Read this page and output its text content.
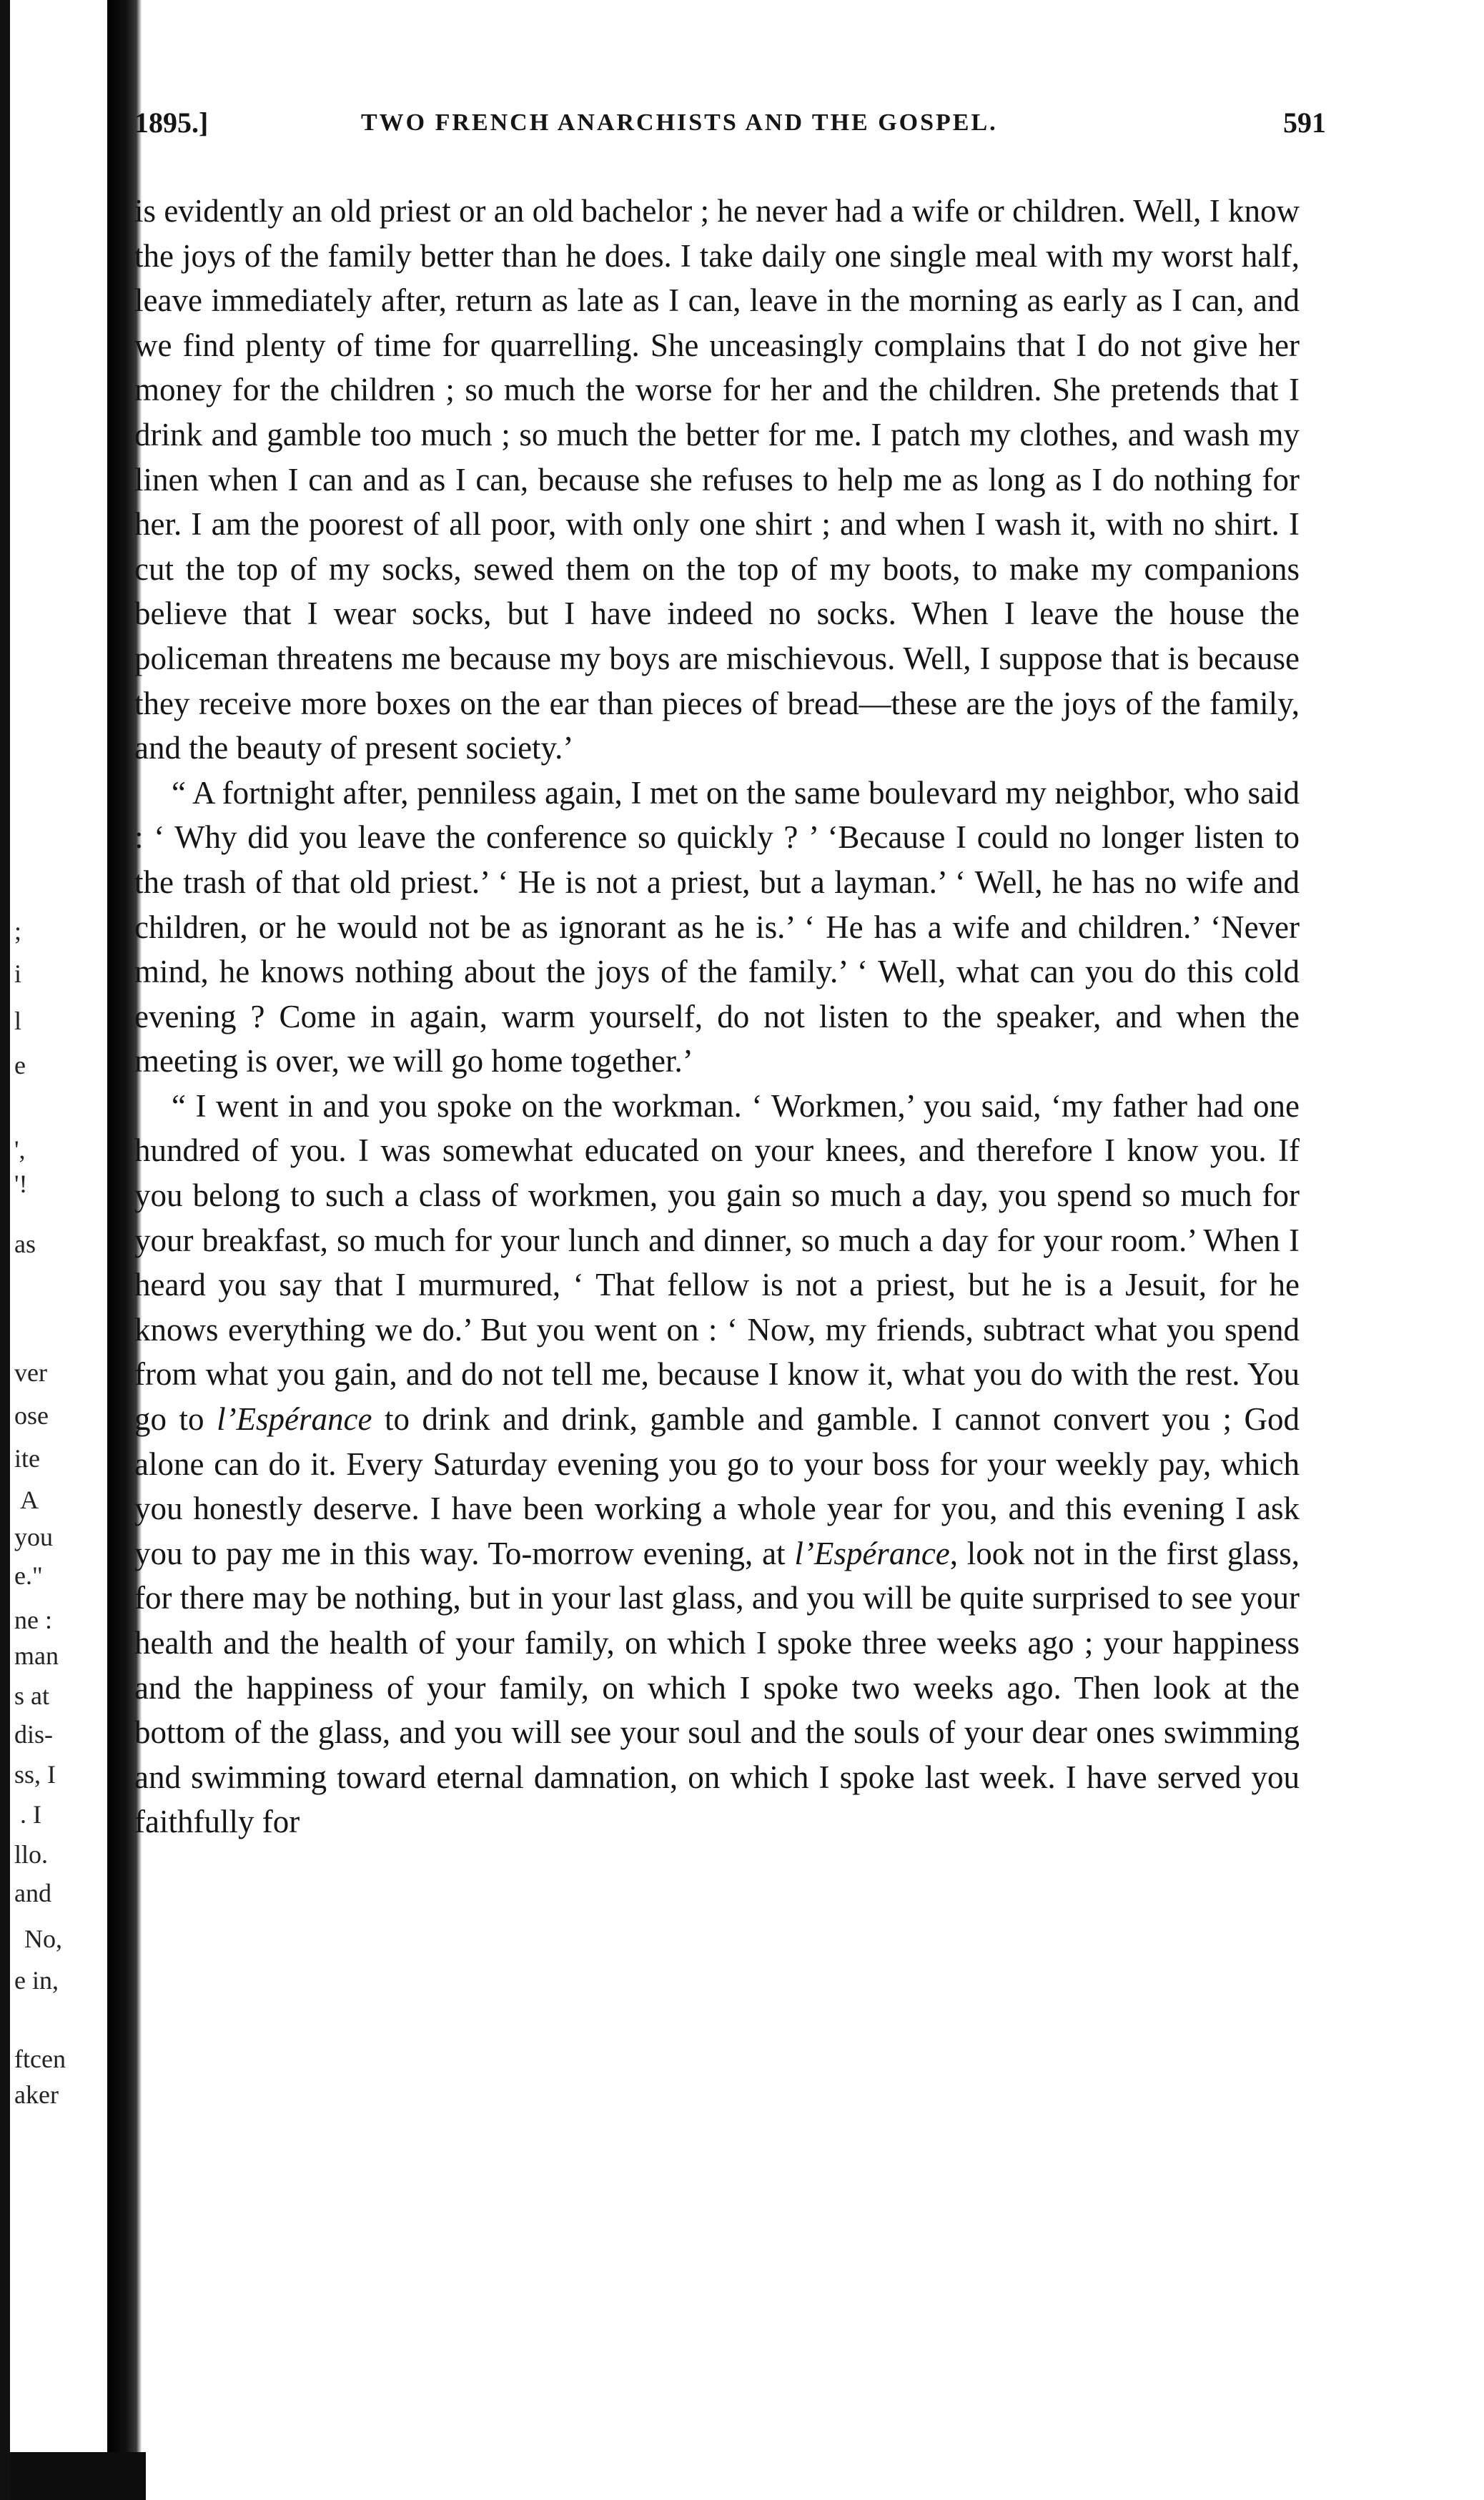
;
i
l
e
',
'!
as
ver
ose
ite
A
you
e."
ne :
man
s at
dis-
ss, I
. I
llo.
and
No,
e in,
ftcen
aker
1895.]	TWO FRENCH ANARCHISTS AND THE GOSPEL.	591

is evidently an old priest or an old bachelor ; he never had a wife or children. Well, I know the joys of the family better than he does. I take daily one single meal with my worst half, leave immediately after, return as late as I can, leave in the morning as early as I can, and we find plenty of time for quarrelling. She unceasingly complains that I do not give her money for the children ; so much the worse for her and the children. She pretends that I drink and gamble too much ; so much the better for me. I patch my clothes, and wash my linen when I can and as I can, because she refuses to help me as long as I do nothing for her. I am the poorest of all poor, with only one shirt ; and when I wash it, with no shirt. I cut the top of my socks, sewed them on the top of my boots, to make my companions believe that I wear socks, but I have indeed no socks. When I leave the house the policeman threatens me because my boys are mischievous. Well, I suppose that is because they receive more boxes on the ear than pieces of bread—these are the joys of the family, and the beauty of present society.’

“ A fortnight after, penniless again, I met on the same boulevard my neighbor, who said : ‘ Why did you leave the conference so quickly ? ’ ‘Because I could no longer listen to the trash of that old priest.’ ‘ He is not a priest, but a layman.’ ‘ Well, he has no wife and children, or he would not be as ignorant as he is.’ ‘ He has a wife and children.’ ‘Never mind, he knows nothing about the joys of the family.’ ‘ Well, what can you do this cold evening ? Come in again, warm yourself, do not listen to the speaker, and when the meeting is over, we will go home together.’

“ I went in and you spoke on the workman. ‘ Workmen,’ you said, ‘my father had one hundred of you. I was somewhat educated on your knees, and therefore I know you. If you belong to such a class of workmen, you gain so much a day, you spend so much for your breakfast, so much for your lunch and dinner, so much a day for your room.’ When I heard you say that I murmured, ‘ That fellow is not a priest, but he is a Jesuit, for he knows everything we do.’ But you went on : ‘ Now, my friends, subtract what you spend from what you gain, and do not tell me, because I know it, what you do with the rest. You go to l’Espérance to drink and drink, gamble and gamble. I cannot convert you ; God alone can do it. Every Saturday evening you go to your boss for your weekly pay, which you honestly deserve. I have been working a whole year for you, and this evening I ask you to pay me in this way. To-morrow evening, at l’Espérance, look not in the first glass, for there may be nothing, but in your last glass, and you will be quite surprised to see your health and the health of your family, on which I spoke three weeks ago ; your happiness and the happiness of your family, on which I spoke two weeks ago. Then look at the bottom of the glass, and you will see your soul and the souls of your dear ones swimming and swimming toward eternal damnation, on which I spoke last week. I have served you faithfully for
